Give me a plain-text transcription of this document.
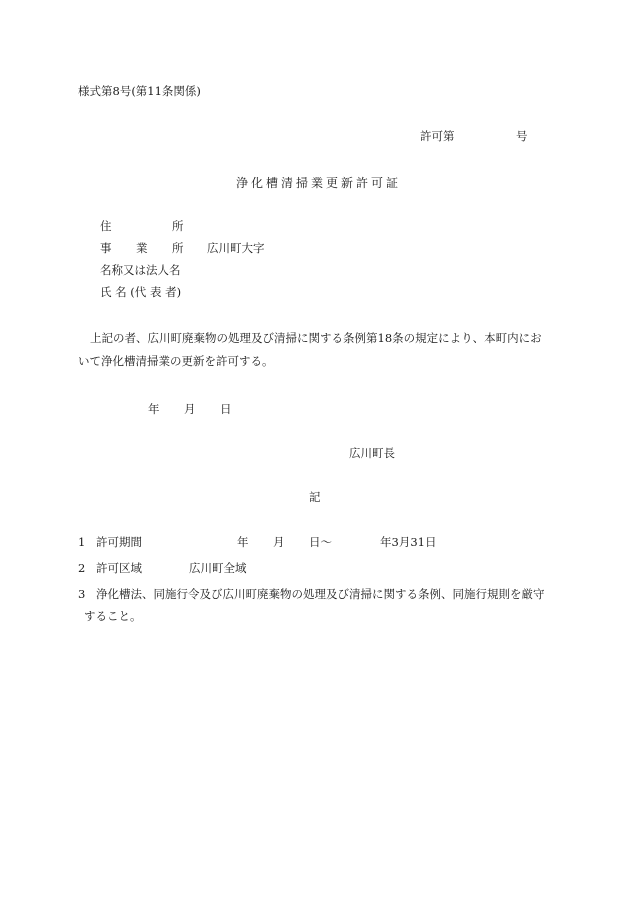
様式第8号(第11条関係)
許可第	号
浄化槽清掃業更新許可証
住	所
事 業 所 広川町大字
名称又は法人名
氏 名 (代 表 者)
上記の者、広川町廃棄物の処理及び清掃に関する条例第18条の規定により、本町内において浄化槽清掃業の更新を許可する。
年 月 日
広川町長
記
1 許可期間	年 月 日～	年3月31日
2 許可区域	広川町全域
3 浄化槽法、同施行令及び広川町廃棄物の処理及び清掃に関する条例、同施行規則を厳守
すること。
